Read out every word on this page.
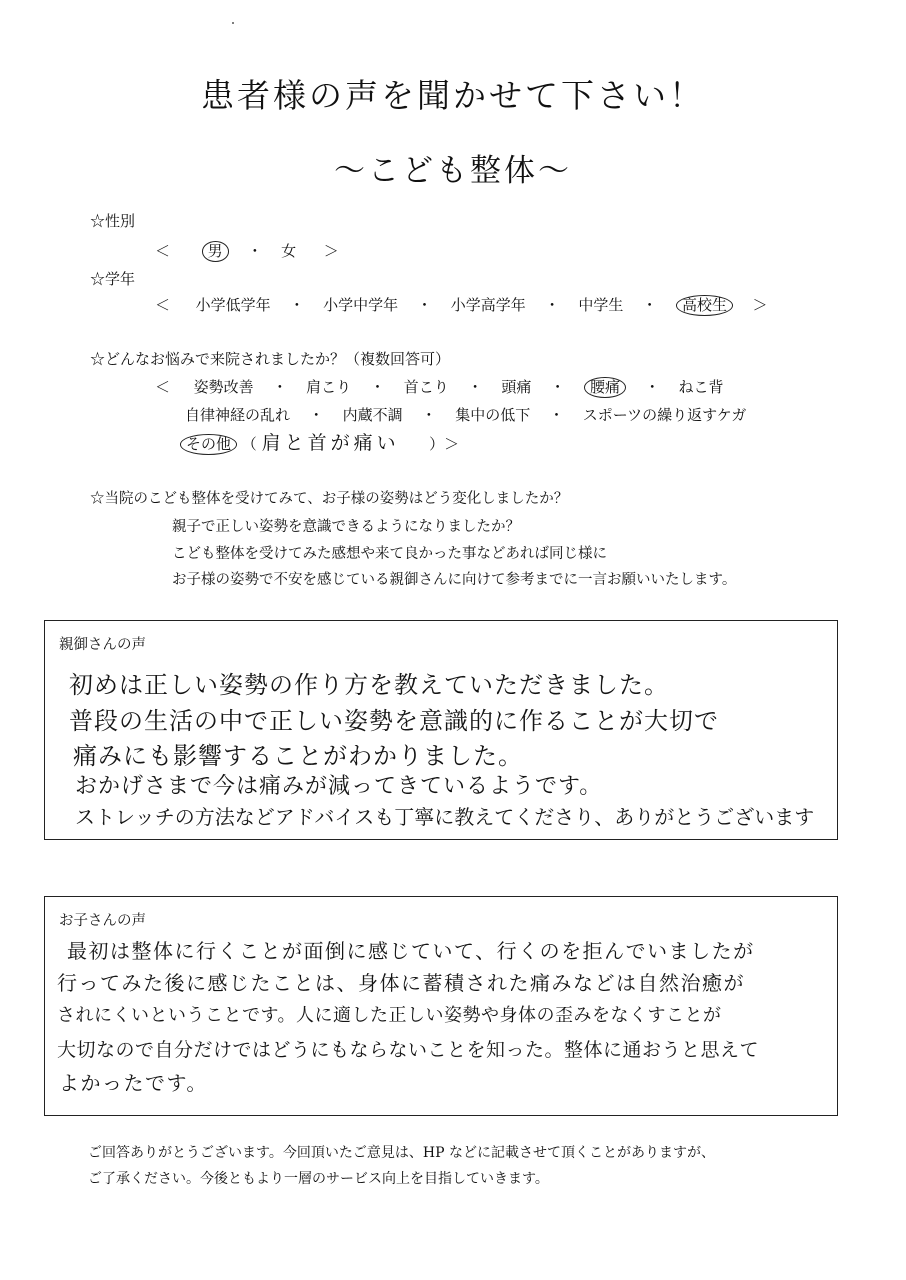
患者様の声を聞かせて下さい！
〜こども整体〜
☆性別
＜	男 ・ 女 ＞
☆学年
＜ 小学低学年 ・ 小学中学年 ・ 小学高学年 ・ 中学生 ・ 高校生 ＞
☆どんなお悩みで来院されましたか？（複数回答可）
＜ 姿勢改善 ・ 肩こり ・ 首こり ・ 頭痛 ・ 腰痛 ・ ねこ背
自律神経の乱れ ・ 内蔵不調 ・ 集中の低下 ・ スポーツの繰り返すケガ
その他 （ 肩と首が痛い ）＞
☆当院のこども整体を受けてみて、お子様の姿勢はどう変化しましたか？
親子で正しい姿勢を意識できるようになりましたか？
こども整体を受けてみた感想や来て良かった事などあれば同じ様に
お子様の姿勢で不安を感じている親御さんに向けて参考までに一言お願いいたします。
親御さんの声
初めは正しい姿勢の作り方を教えていただきました。
普段の生活の中で正しい姿勢を意識的に作ることが大切で
痛みにも影響することがわかりました。
おかげさまで今は痛みが減ってきているようです。
ストレッチの方法などアドバイスも丁寧に教えてくださり、ありがとうございます
お子さんの声
最初は整体に行くことが面倒に感じていて、行くのを拒んでいましたが
行ってみた後に感じたことは、身体に蓄積された痛みなどは自然治癒が
されにくいということです。人に適した正しい姿勢や身体の歪みをなくすことが
大切なので自分だけではどうにもならないことを知った。整体に通おうと思えて
よかったです。
ご回答ありがとうございます。今回頂いたご意見は、HP などに記載させて頂くことがありますが、
ご了承ください。今後ともより一層のサービス向上を目指していきます。
